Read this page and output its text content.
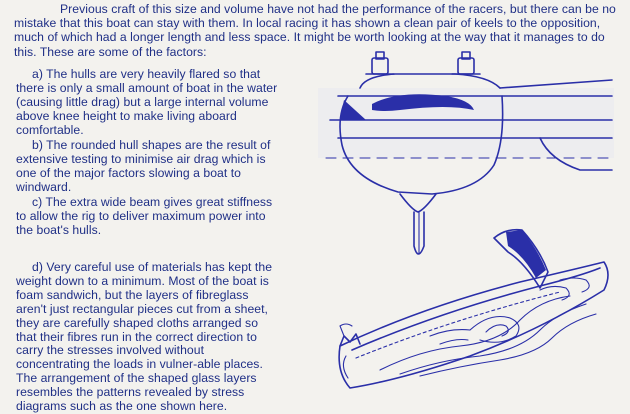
Previous craft of this size and volume have not had the performance of the racers, but there can be no mistake that this boat can stay with them. In local racing it has shown a clean pair of keels to the opposition, much of which had a longer length and less space. It might be worth looking at the way that it manages to do this. These are some of the factors:

a) The hulls are very heavily flared so that there is only a small amount of boat in the water (causing little drag) but a large internal volume above knee height to make living aboard comfortable.

b) The rounded hull shapes are the result of extensive testing to minimise air drag which is one of the major factors slowing a boat to windward.

c) The extra wide beam gives great stiffness to allow the rig to deliver maximum power into the boat's hulls.

d) Very careful use of materials has kept the weight down to a minimum. Most of the boat is foam sandwich, but the layers of fibreglass aren't just rectangular pieces cut from a sheet, they are carefully shaped cloths arranged so that their fibres run in the correct direction to carry the stresses involved without concentrating the loads in vulner-able places. The arrangement of the shaped glass layers resembles the patterns revealed by stress diagrams such as the one shown here.
